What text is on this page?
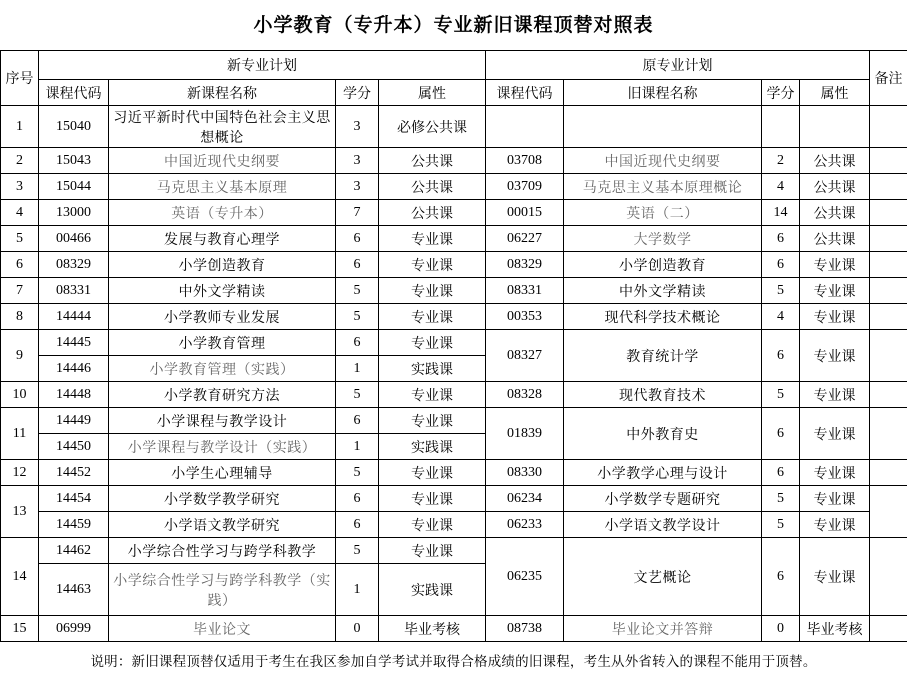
小学教育（专升本）专业新旧课程顶替对照表
序号	新专业计划				原专业计划				备注
	课程代码	新课程名称	学分	属性	课程代码	旧课程名称	学分	属性	
1	15040	习近平新时代中国特色社会主义思想概论	3	必修公共课					
2	15043	中国近现代史纲要	3	公共课	03708	中国近现代史纲要	2	公共课	
3	15044	马克思主义基本原理	3	公共课	03709	马克思主义基本原理概论	4	公共课	
4	13000	英语（专升本）	7	公共课	00015	英语（二）	14	公共课	
5	00466	发展与教育心理学	6	专业课	06227	大学数学	6	公共课	
6	08329	小学创造教育	6	专业课	08329	小学创造教育	6	专业课	
7	08331	中外文学精读	5	专业课	08331	中外文学精读	5	专业课	
8	14444	小学教师专业发展	5	专业课	00353	现代科学技术概论	4	专业课	
9	14445	小学教育管理	6	专业课	08327	教育统计学	6	专业课	
	14446	小学教育管理（实践）	1	实践课					
10	14448	小学教育研究方法	5	专业课	08328	现代教育技术	5	专业课	
11	14449	小学课程与教学设计	6	专业课	01839	中外教育史	6	专业课	
	14450	小学课程与教学设计（实践）	1	实践课					
12	14452	小学生心理辅导	5	专业课	08330	小学教学心理与设计	6	专业课	
13	14454	小学数学教学研究	6	专业课	06234	小学数学专题研究	5	专业课	
	14459	小学语文教学研究	6	专业课	06233	小学语文教学设计	5	专业课	
14	14462	小学综合性学习与跨学科教学	5	专业课	06235	文艺概论	6	专业课	
	14463	小学综合性学习与跨学科教学（实践）	1	实践课					
15	06999	毕业论文	0	毕业考核	08738	毕业论文并答辩	0	毕业考核	
说明：新旧课程顶替仅适用于考生在我区参加自学考试并取得合格成绩的旧课程，考生从外省转入的课程不能用于顶替。
